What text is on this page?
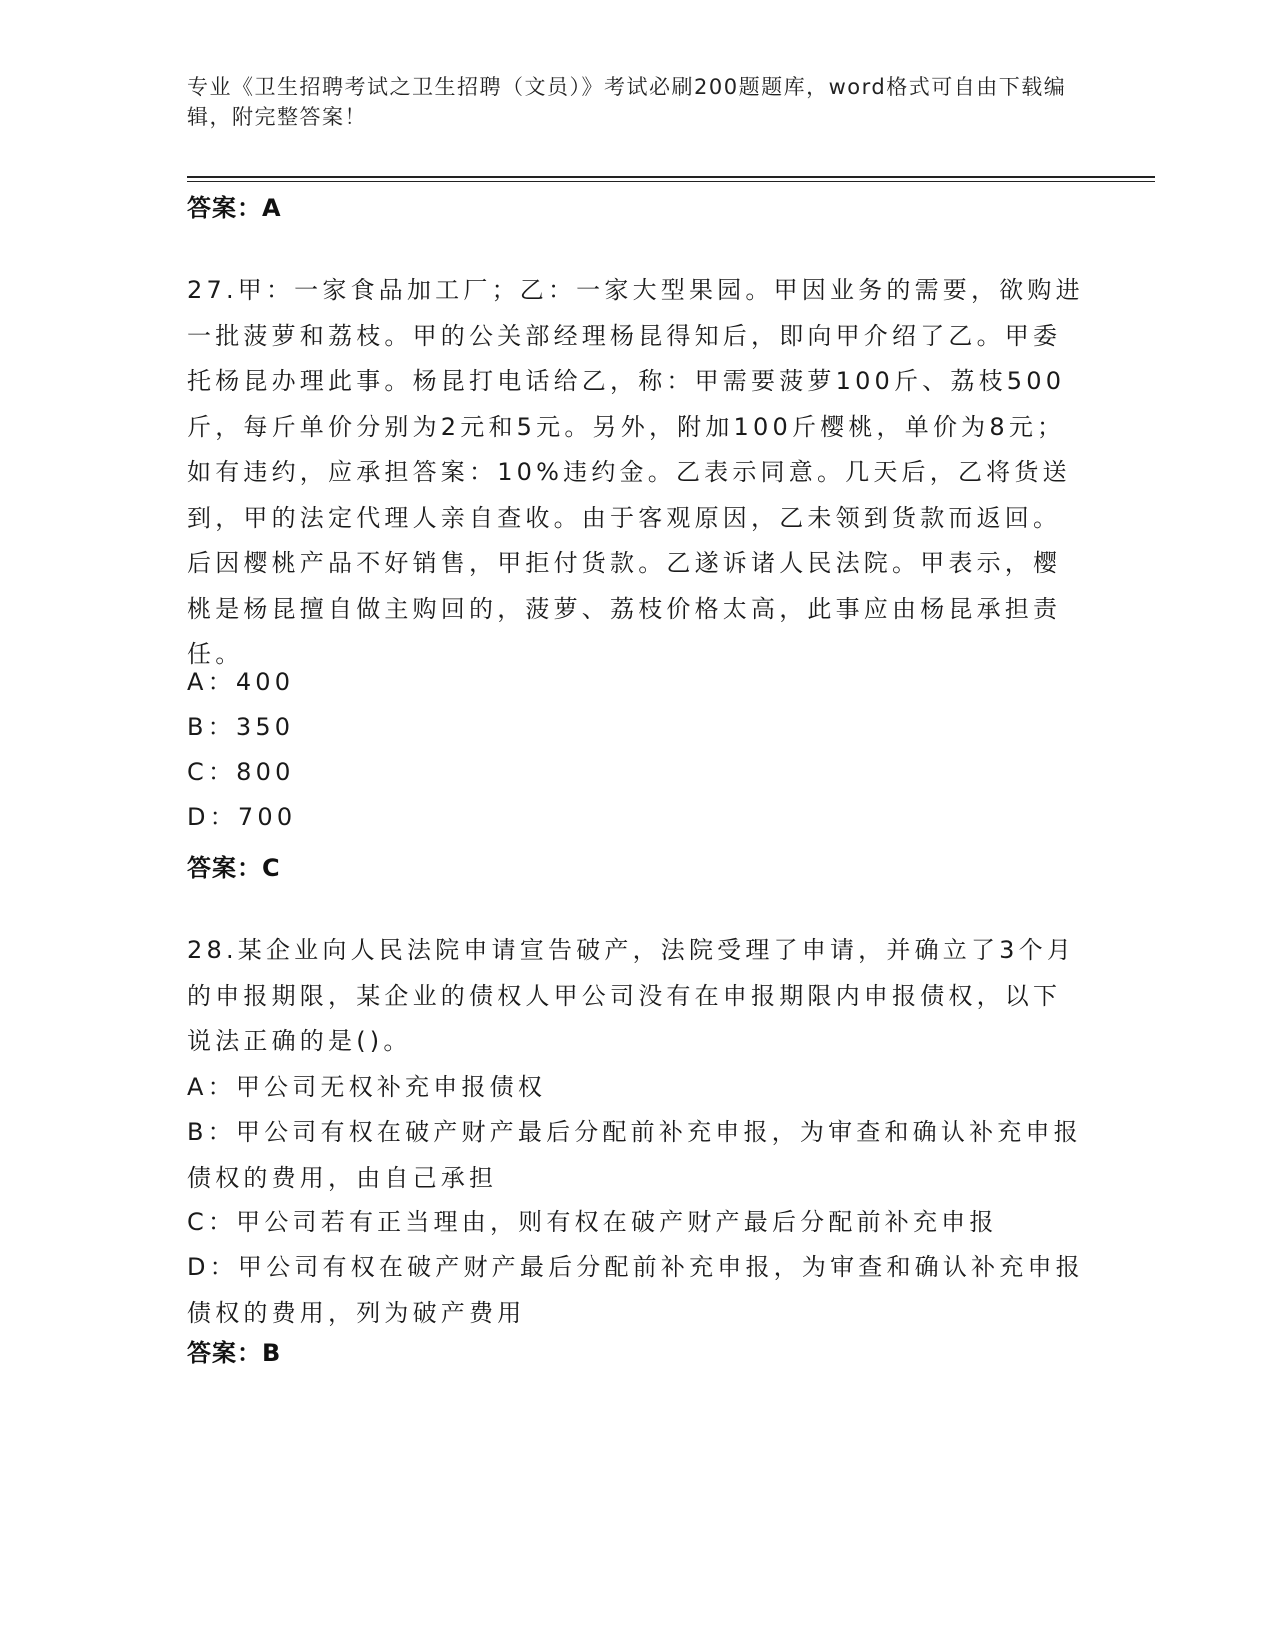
专业《卫生招聘考试之卫生招聘（文员）》考试必刷200题题库，word格式可自由下载编辑，附完整答案！
答案：A
27.甲：一家食品加工厂；乙：一家大型果园。甲因业务的需要，欲购进一批菠萝和荔枝。甲的公关部经理杨昆得知后，即向甲介绍了乙。甲委托杨昆办理此事。杨昆打电话给乙，称：甲需要菠萝100斤、荔枝500斤，每斤单价分别为2元和5元。另外，附加100斤樱桃，单价为8元；如有违约，应承担答案：10%违约金。乙表示同意。几天后，乙将货送到，甲的法定代理人亲自查收。由于客观原因，乙未领到货款而返回。后因樱桃产品不好销售，甲拒付货款。乙遂诉诸人民法院。甲表示，樱桃是杨昆擅自做主购回的，菠萝、荔枝价格太高，此事应由杨昆承担责任。
A：400
B：350
C：800
D：700
答案：C
28.某企业向人民法院申请宣告破产，法院受理了申请，并确立了3个月的申报期限，某企业的债权人甲公司没有在申报期限内申报债权，以下说法正确的是()。
A：甲公司无权补充申报债权
B：甲公司有权在破产财产最后分配前补充申报，为审查和确认补充申报债权的费用，由自己承担
C：甲公司若有正当理由，则有权在破产财产最后分配前补充申报
D：甲公司有权在破产财产最后分配前补充申报，为审查和确认补充申报债权的费用，列为破产费用
答案：B
